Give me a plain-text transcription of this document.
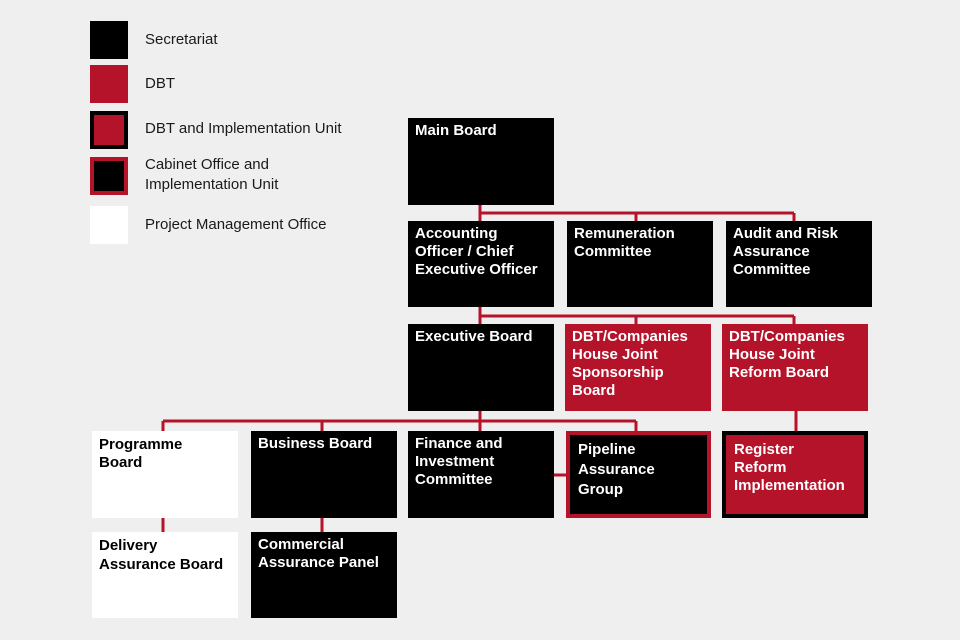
Secretariat
DBT
DBT and Implementation Unit
Cabinet Office and
Implementation Unit
Project Management Office
Main Board
Accounting
Officer / Chief
Executive Officer
Remuneration
Committee
Audit and Risk
Assurance
Committee
Executive Board	DBT/Companies
House Joint
Sponsorship
Board
DBT/Companies
House Joint
Reform Board
Programme
Board
Business Board	Finance and
Investment
Committee
Pipeline
Assurance
Group
Register
Reform
Implementation
Delivery
Assurance Board
Commercial
Assurance Panel
